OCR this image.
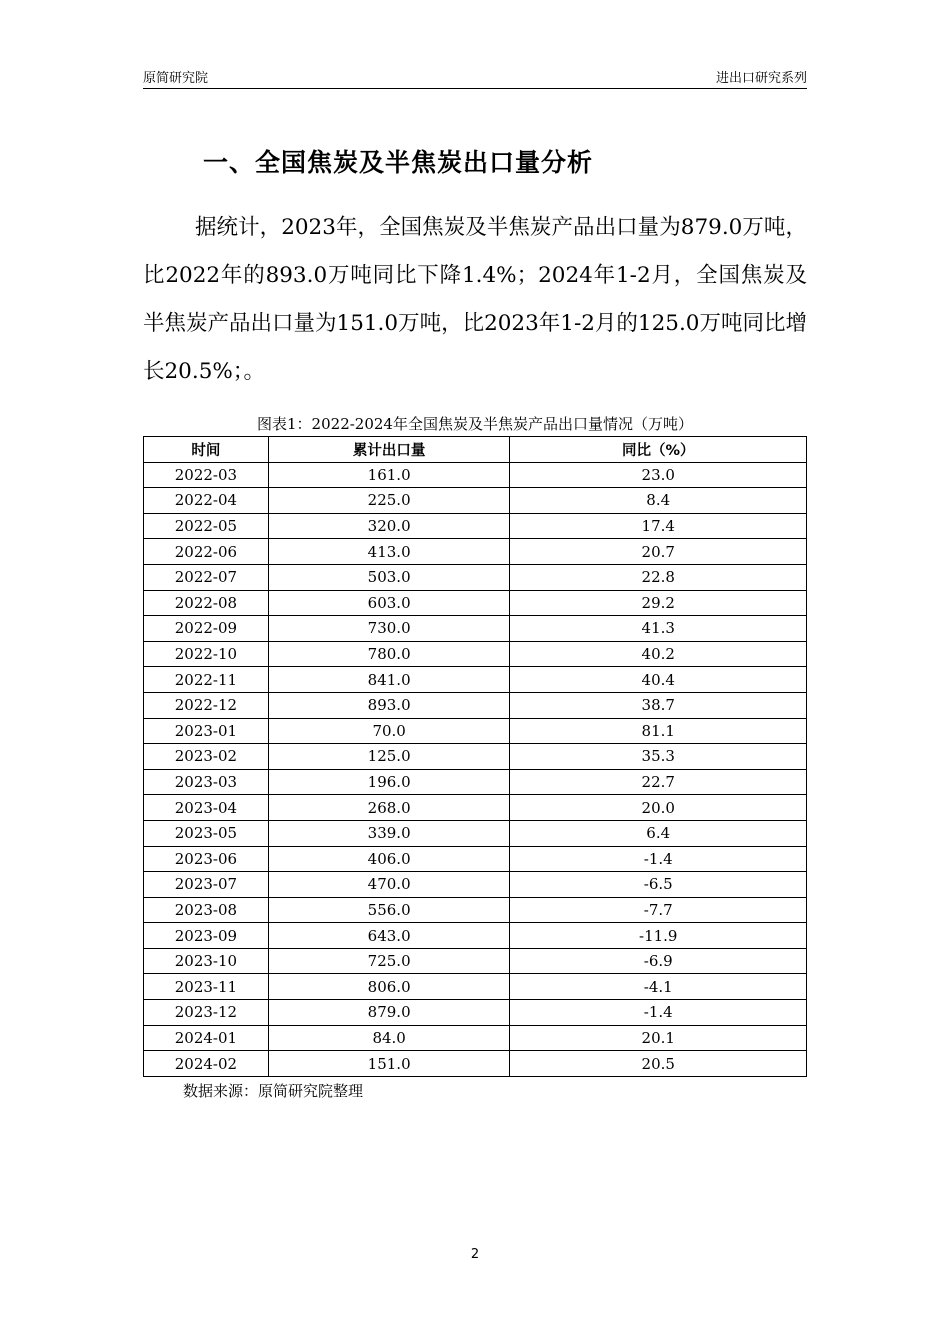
原简研究院	进出口研究系列
一、全国焦炭及半焦炭出口量分析

据统计，2023年，全国焦炭及半焦炭产品出口量为879.0万吨，比2022年的893.0万吨同比下降1.4%；2024年1-2月，全国焦炭及半焦炭产品出口量为151.0万吨，比2023年1-2月的125.0万吨同比增长20.5%；。

图表1：2022-2024年全国焦炭及半焦炭产品出口量情况（万吨）
时间	累计出口量	同比（%）
2022-03	161.0	23.0
2022-04	225.0	8.4
2022-05	320.0	17.4
2022-06	413.0	20.7
2022-07	503.0	22.8
2022-08	603.0	29.2
2022-09	730.0	41.3
2022-10	780.0	40.2
2022-11	841.0	40.4
2022-12	893.0	38.7
2023-01	70.0	81.1
2023-02	125.0	35.3
2023-03	196.0	22.7
2023-04	268.0	20.0
2023-05	339.0	6.4
2023-06	406.0	-1.4
2023-07	470.0	-6.5
2023-08	556.0	-7.7
2023-09	643.0	-11.9
2023-10	725.0	-6.9
2023-11	806.0	-4.1
2023-12	879.0	-1.4
2024-01	84.0	20.1
2024-02	151.0	20.5
数据来源：原简研究院整理
2
